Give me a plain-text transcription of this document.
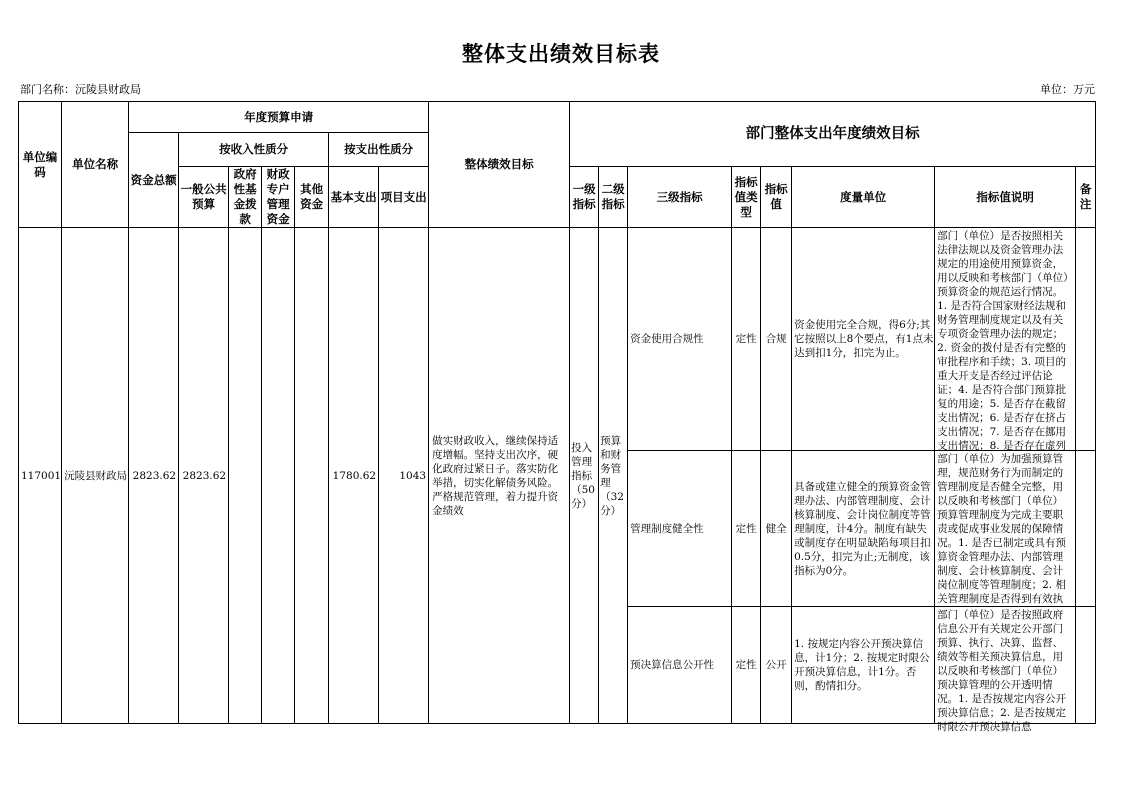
整体支出绩效目标表
部门名称：沅陵县财政局	单位：万元
单位编码	单位名称	年度预算申请							整体绩效目标	部门整体支出年度绩效目标							
		资金总额	按收入性质分				按支出性质分										
			一般公共预算	政府性基金拨款	财政专户管理资金	其他资金	基本支出	项目支出		一级指标	二级指标	三级指标	指标值类型	指标值	度量单位	指标值说明	备注

117001	沅陵县财政局	2823.62	2823.62				1780.62	1043	做实财政收入，继续保持适度增幅。坚持支出次序，硬化政府过紧日子。落实防化举措，切实化解债务风险。严格规范管理，着力提升资金绩效	投入管理指标（50分）	预算和财务管理（32分）	资金使用合规性	定性	合规	资金使用完全合规，得6分;其它按照以上8个要点，有1点未达到扣1分，扣完为止。	部门（单位）是否按照相关法律法规以及资金管理办法规定的用途使用预算资金，用以反映和考核部门（单位）预算资金的规范运行情况。1. 是否符合国家财经法规和财务管理制度规定以及有关专项资金管理办法的规定；2. 资金的拨付是否有完整的审批程序和手续；3. 项目的重大开支是否经过评估论证；4. 是否符合部门预算批复的用途；5. 是否存在截留支出情况；6. 是否存在挤占支出情况；7. 是否存在挪用支出情况；8. 是否存在虚列	

												管理制度健全性	定性	健全	具备或建立健全的预算资金管理办法、内部管理制度、会计核算制度、会计岗位制度等管理制度，计4分。制度有缺失或制度存在明显缺陷每项目扣0.5分，扣完为止;无制度，该指标为0分。	部门（单位）为加强预算管理，规范财务行为而制定的管理制度是否健全完整，用以反映和考核部门（单位）预算管理制度为完成主要职责或促成事业发展的保障情况。1. 是否已制定或具有预算资金管理办法、内部管理制度、会计核算制度、会计岗位制度等管理制度；2. 相关管理制度是否得到有效执	

												预决算信息公开性	定性	公开	1. 按规定内容公开预决算信息，计1分；2. 按规定时限公开预决算信息，计1分。否则，酌情扣分。	部门（单位）是否按照政府信息公开有关规定公开部门预算、执行、决算、监督、绩效等相关预决算信息，用以反映和考核部门（单位）预决算管理的公开透明情况。1. 是否按规定内容公开预决算信息；2. 是否按规定时限公开预决算信息	
